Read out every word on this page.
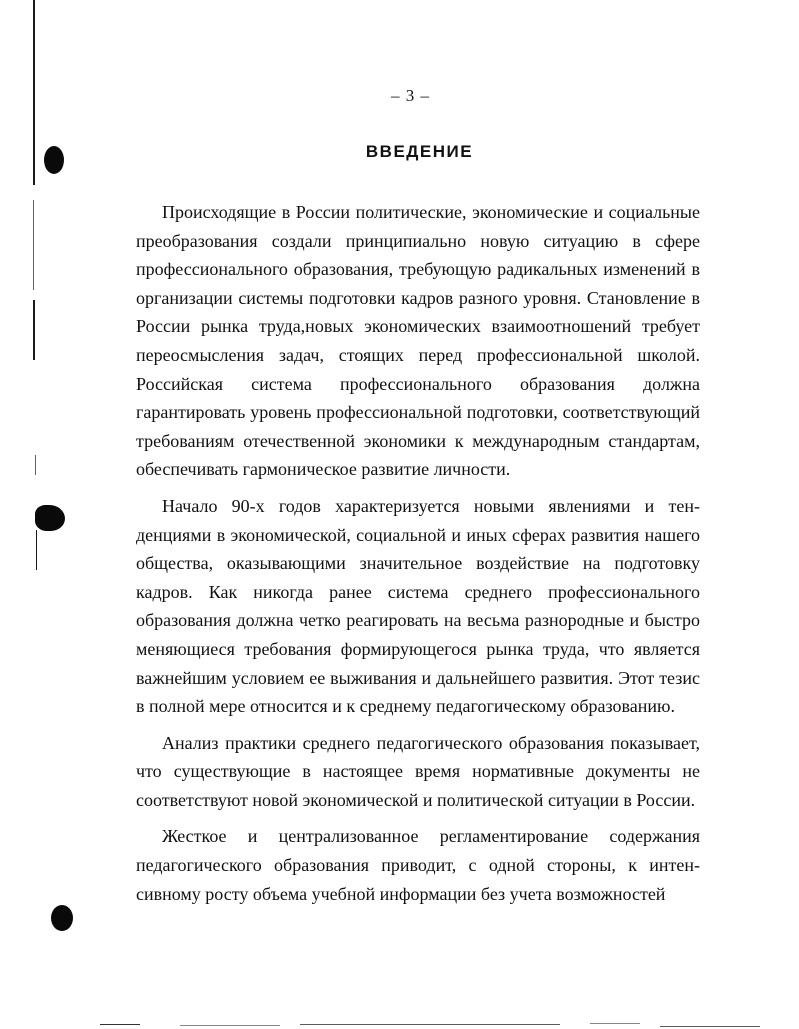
– 3 –
ВВЕДЕНИЕ

Происходящие в России политические, экономические и социальные преобразования создали принципиально новую ситуацию в сфере профессионального образования, требующую радикальных изменений в организации системы подготовки кадров разного уровня. Становление в России рынка труда,новых экономических взаимоотношений требует переосмысления задач, стоящих перед профессиональной школой. Российская система профессионального образования должна гарантировать уровень профессиональной подготовки, соответствующий требованиям отечественной экономики к международным стандартам, обеспечивать гармоническое развитие личности.

Начало 90-х годов характеризуется новыми явлениями и тенденциями в экономической, социальной и иных сферах развития нашего общества, оказывающими значительное воздействие на подготовку кадров. Как никогда ранее система среднего профессионального образования должна четко реагировать на весьма разнородные и быстро меняющиеся требования формирующегося рынка труда, что является важнейшим условием ее выживания и дальнейшего развития. Этот тезис в полной мере относится и к среднему педагогическому образованию.

Анализ практики среднего педагогического образования показывает, что существующие в настоящее время нормативные документы не соответствуют новой экономической и политической ситуации в России.

Жесткое и централизованное регламентирование содержания педагогического образования приводит, с одной стороны, к интенсивному росту объема учебной информации без учета возможностей
